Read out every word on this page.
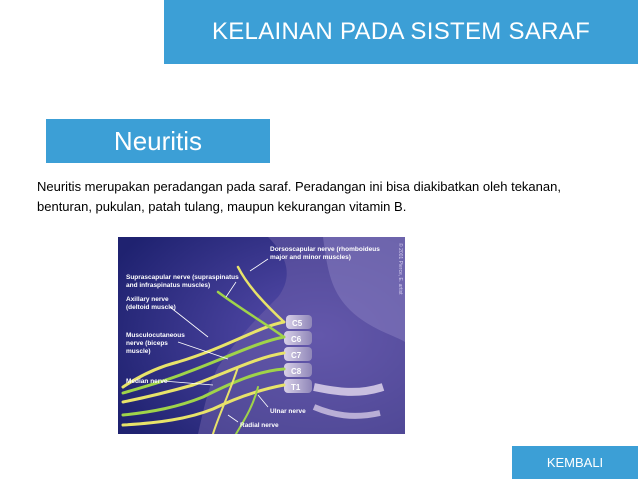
KELAINAN PADA SISTEM SARAF
Neuritis
Neuritis merupakan peradangan pada saraf. Peradangan ini bisa diakibatkan oleh tekanan, benturan, pukulan, patah tulang, maupun kekurangan vitamin B.
C5
C6
C7
C8
T1
Dorsoscapular nerve (rhomboideus
major and minor muscles)
Suprascapular nerve (supraspinatus
and infraspinatus muscles)
Axillary nerve
(deltoid muscle)
Musculocutaneous
nerve (biceps
muscle)
Median nerve
Ulnar nerve
Radial nerve
© 2001 Pierce, E. artist
KEMBALI
